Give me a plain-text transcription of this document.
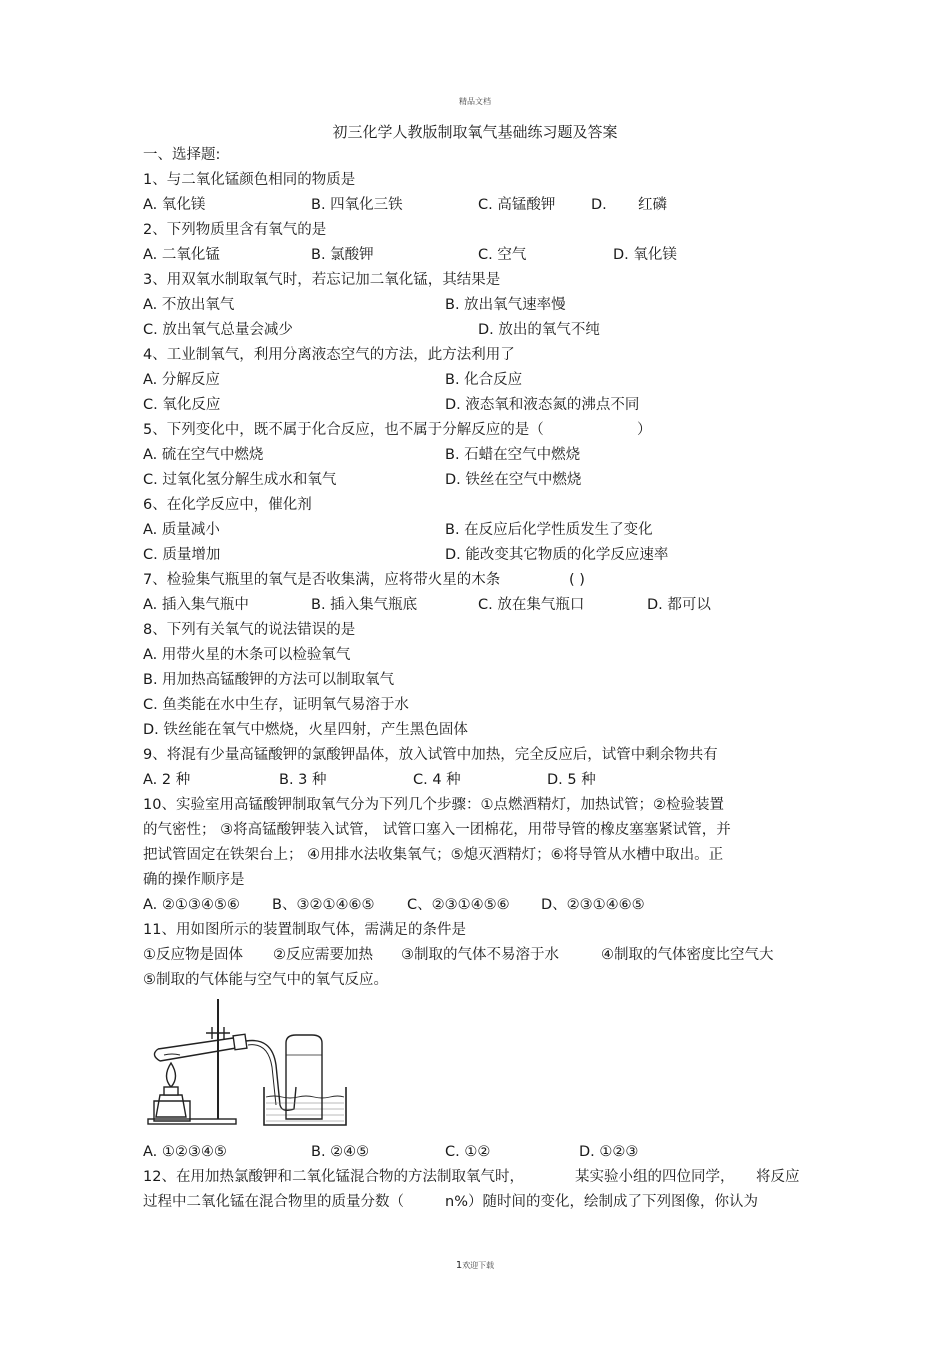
精品文档
初三化学人教版制取氧气基础练习题及答案
一、选择题:
1、与二氧化锰颜色相同的物质是
A. 氧化镁	B. 四氧化三铁	C. 高锰酸钾 D. 红磷
2、下列物质里含有氧气的是
A. 二氧化锰	B. 氯酸钾	C. 空气	D. 氧化镁
3、用双氧水制取氧气时，若忘记加二氧化锰，其结果是
A. 不放出氧气	B. 放出氧气速率慢
C. 放出氧气总量会减少	D. 放出的氧气不纯
4、工业制氧气，利用分离液态空气的方法，此方法利用了
A. 分解反应	B. 化合反应
C. 氧化反应	D. 液态氧和液态氮的沸点不同
5、下列变化中，既不属于化合反应，也不属于分解反应的是（	）
A. 硫在空气中燃烧	B. 石蜡在空气中燃烧
C. 过氧化氢分解生成水和氧气	D. 铁丝在空气中燃烧
6、在化学反应中，催化剂
A. 质量减小	B. 在反应后化学性质发生了变化
C. 质量增加	D. 能改变其它物质的化学反应速率
7、检验集气瓶里的氧气是否收集满，应将带火星的木条	( )
A. 插入集气瓶中	B. 插入集气瓶底	C. 放在集气瓶口	D. 都可以
8、下列有关氧气的说法错误的是
A. 用带火星的木条可以检验氧气
B. 用加热高锰酸钾的方法可以制取氧气
C. 鱼类能在水中生存，证明氧气易溶于水
D. 铁丝能在氧气中燃烧，火星四射，产生黑色固体
9、将混有少量高锰酸钾的氯酸钾晶体，放入试管中加热，完全反应后，试管中剩余物共有
A. 2 种	B. 3 种	C. 4 种	D. 5 种
10、实验室用高锰酸钾制取氧气分为下列几个步骤：①点燃酒精灯，加热试管；②检验装置
的气密性； ③将高锰酸钾装入试管， 试管口塞入一团棉花，用带导管的橡皮塞塞紧试管，并
把试管固定在铁架台上； ④用排水法收集氧气；⑤熄灭酒精灯；⑥将导管从水槽中取出。正
确的操作顺序是
A. ②①③④⑤⑥ B、③②①④⑥⑤ C、②③①④⑤⑥ D、②③①④⑥⑤
11、用如图所示的装置制取气体，需满足的条件是
①反应物是固体 ②反应需要加热 ③制取的气体不易溶于水	④制取的气体密度比空气大
⑤制取的气体能与空气中的氧气反应。
A. ①②③④⑤	B. ②④⑤	C. ①②	D. ①②③
12、在用加热氯酸钾和二氧化锰混合物的方法制取氧气时，	某实验小组的四位同学， 将反应
过程中二氧化锰在混合物里的质量分数（	n%）随时间的变化，绘制成了下列图像，你认为
1欢迎下载
